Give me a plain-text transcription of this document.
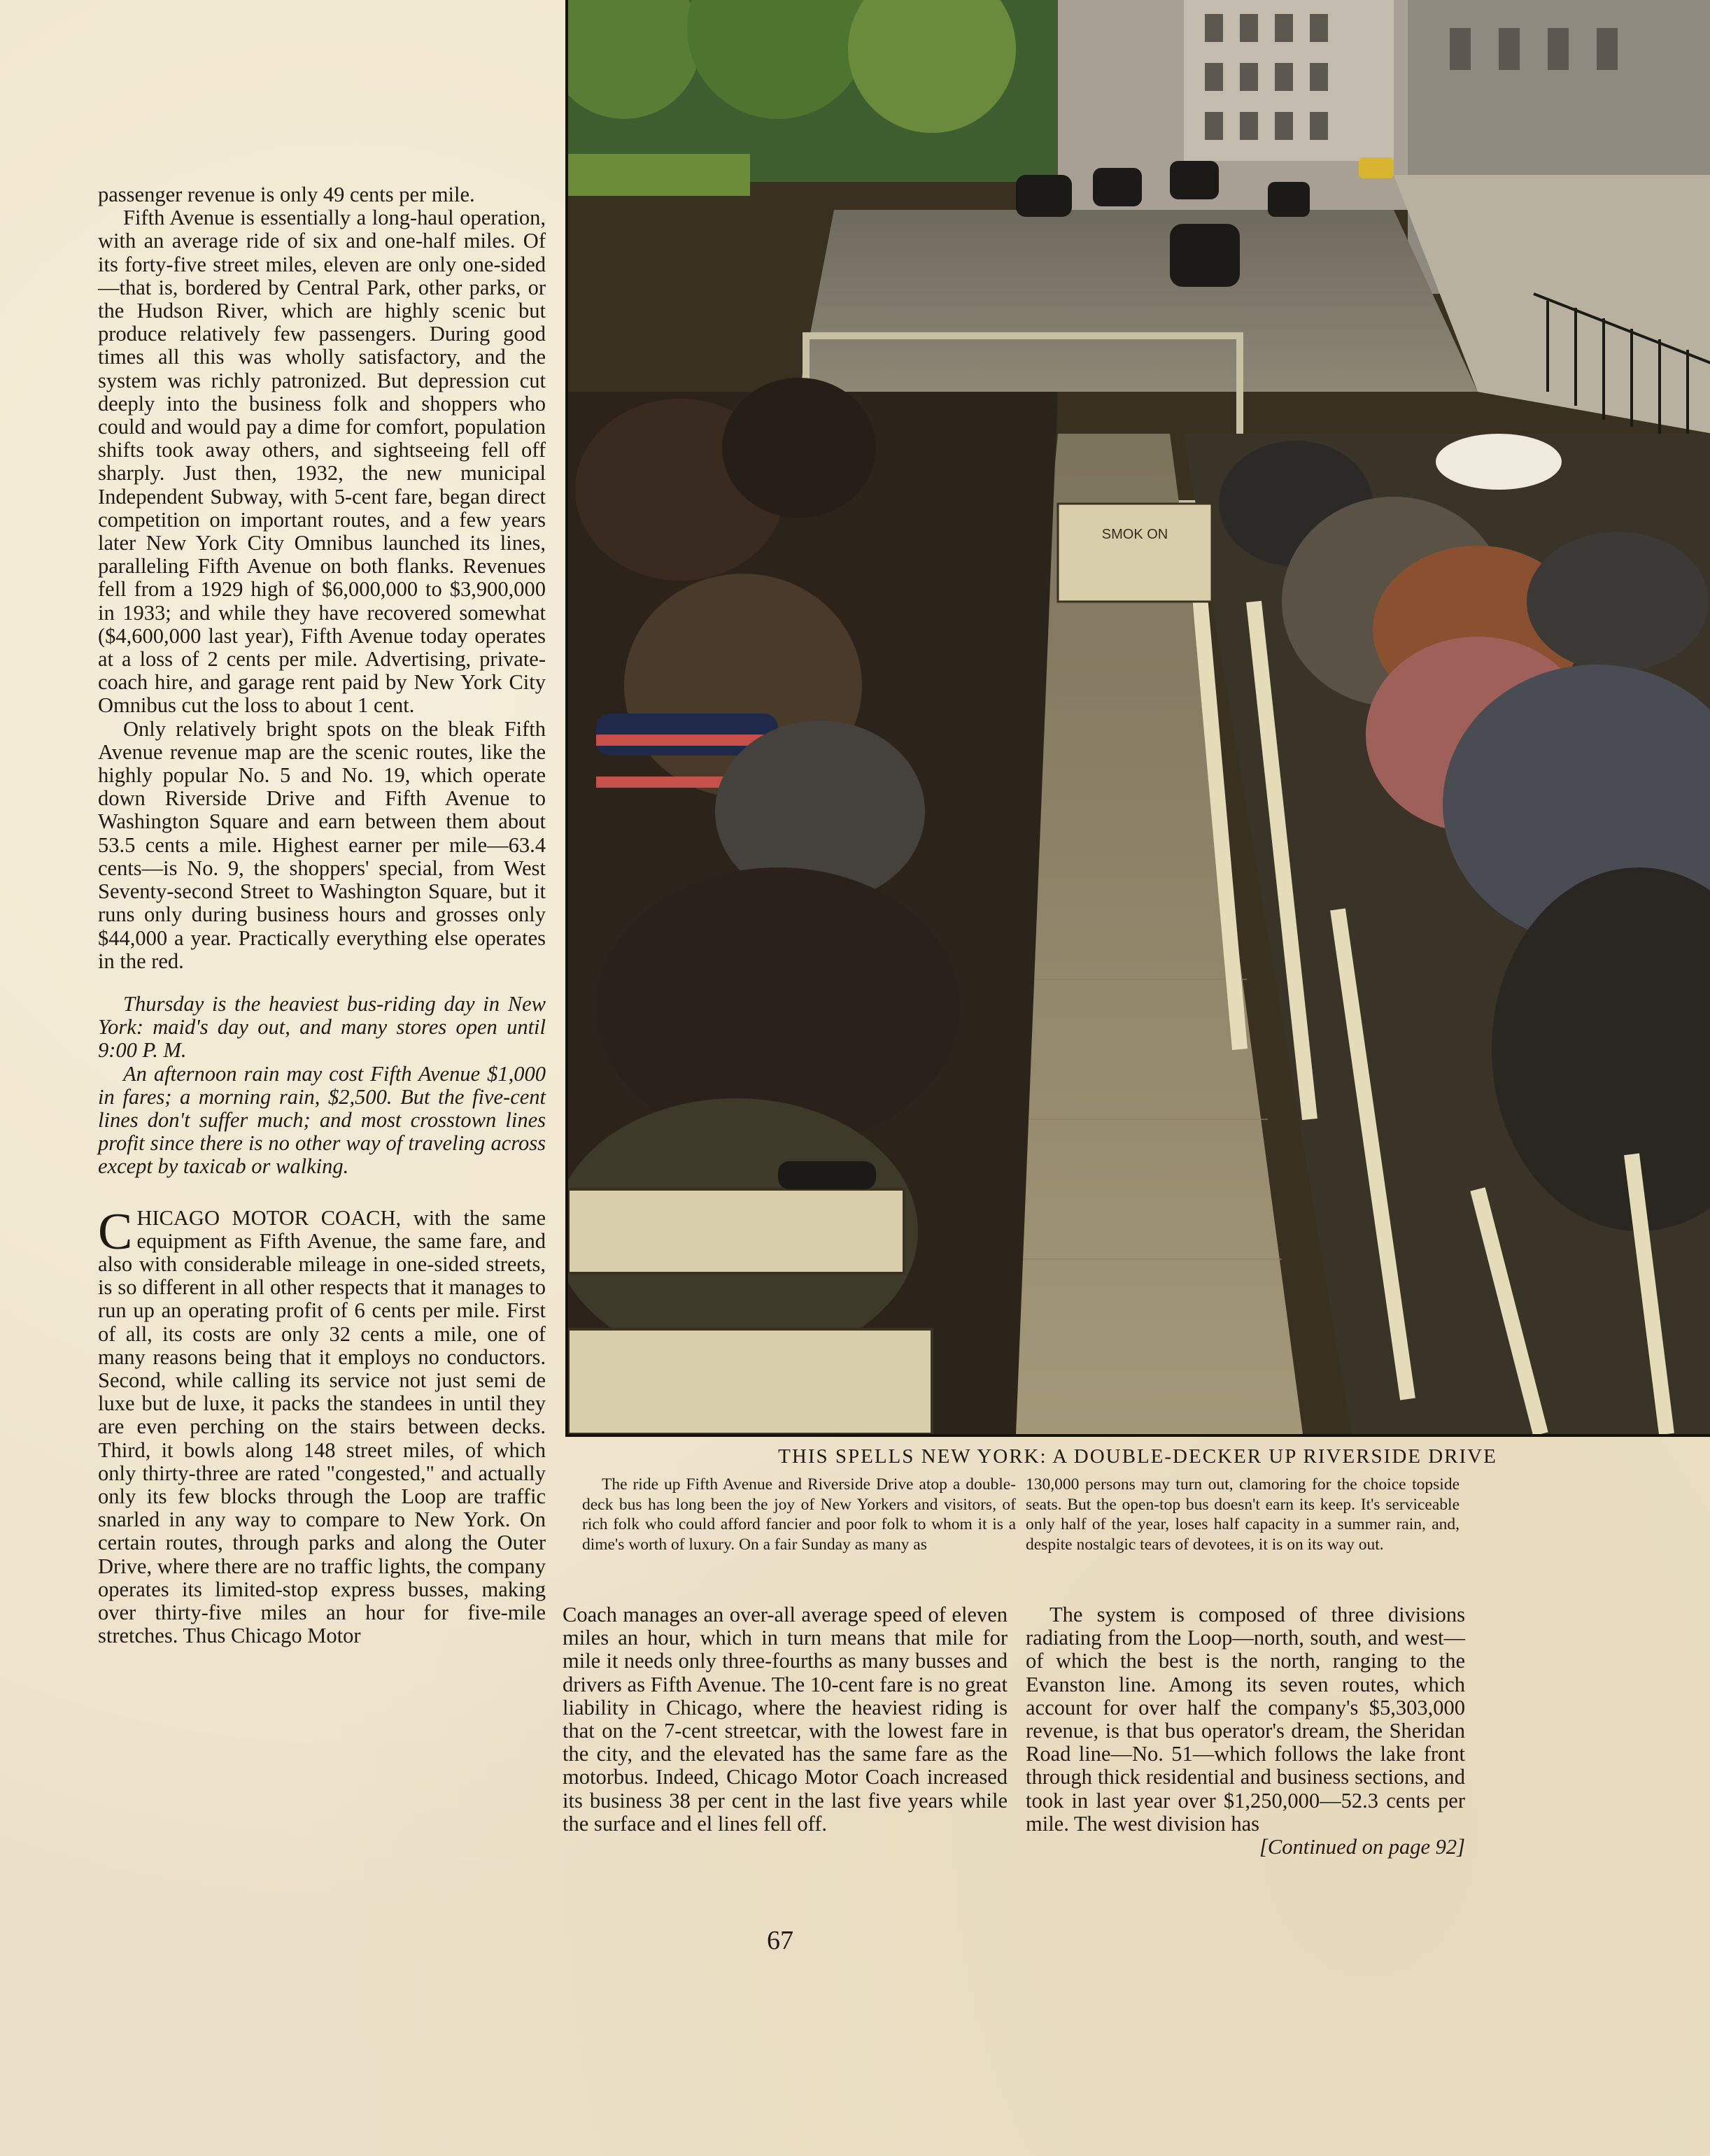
passenger revenue is only 49 cents per mile.

Fifth Avenue is essentially a long-haul operation, with an average ride of six and one-half miles. Of its forty-five street miles, eleven are only one-sided—that is, bordered by Central Park, other parks, or the Hudson River, which are highly scenic but produce relatively few passengers. During good times all this was wholly satisfactory, and the system was richly patronized. But depression cut deeply into the business folk and shoppers who could and would pay a dime for comfort, population shifts took away others, and sightseeing fell off sharply. Just then, 1932, the new municipal Independent Subway, with 5-cent fare, began direct competition on important routes, and a few years later New York City Omnibus launched its lines, paralleling Fifth Avenue on both flanks. Revenues fell from a 1929 high of $6,000,000 to $3,900,000 in 1933; and while they have recovered somewhat ($4,600,000 last year), Fifth Avenue today operates at a loss of 2 cents per mile. Advertising, private-coach hire, and garage rent paid by New York City Omnibus cut the loss to about 1 cent.

Only relatively bright spots on the bleak Fifth Avenue revenue map are the scenic routes, like the highly popular No. 5 and No. 19, which operate down Riverside Drive and Fifth Avenue to Washington Square and earn between them about 53.5 cents a mile. Highest earner per mile—63.4 cents—is No. 9, the shoppers' special, from West Seventy-second Street to Washington Square, but it runs only during business hours and grosses only $44,000 a year. Practically everything else operates in the red.

Thursday is the heaviest bus-riding day in New York: maid's day out, and many stores open until 9:00 P. M.

An afternoon rain may cost Fifth Avenue $1,000 in fares; a morning rain, $2,500. But the five-cent lines don't suffer much; and most crosstown lines profit since there is no other way of traveling across except by taxicab or walking.

C HICAGO MOTOR COACH, with the same equipment as Fifth Avenue, the same fare, and also with considerable mileage in one-sided streets, is so different in all other respects that it manages to run up an operating profit of 6 cents per mile. First of all, its costs are only 32 cents a mile, one of many reasons being that it employs no conductors. Second, while calling its service not just semi de luxe but de luxe, it packs the standees in until they are even perching on the stairs between decks. Third, it bowls along 148 street miles, of which only thirty-three are rated "congested," and actually only its few blocks through the Loop are traffic snarled in any way to compare to New York. On certain routes, through parks and along the Outer Drive, where there are no traffic lights, the company operates its limited-stop express busses, making over thirty-five miles an hour for five-mile stretches. Thus Chicago Motor
SMOK ON
THIS SPELLS NEW YORK: A DOUBLE-DECKER UP RIVERSIDE DRIVE
The ride up Fifth Avenue and Riverside Drive atop a double-deck bus has long been the joy of New Yorkers and visitors, of rich folk who could afford fancier and poor folk to whom it is a dime's worth of luxury. On a fair Sunday as many as
130,000 persons may turn out, clamoring for the choice topside seats. But the open-top bus doesn't earn its keep. It's serviceable only half of the year, loses half capacity in a summer rain, and, despite nostalgic tears of devotees, it is on its way out.

Coach manages an over-all average speed of eleven miles an hour, which in turn means that mile for mile it needs only three-fourths as many busses and drivers as Fifth Avenue. The 10-cent fare is no great liability in Chicago, where the heaviest riding is that on the 7-cent streetcar, with the lowest fare in the city, and the elevated has the same fare as the motorbus. Indeed, Chicago Motor Coach increased its business 38 per cent in the last five years while the surface and el lines fell off.

The system is composed of three divisions radiating from the Loop—north, south, and west—of which the best is the north, ranging to the Evanston line. Among its seven routes, which account for over half the company's $5,303,000 revenue, is that bus operator's dream, the Sheridan Road line—No. 51—which follows the lake front through thick residential and business sections, and took in last year over $1,250,000—52.3 cents per mile. The west division has

[Continued on page 92]
67
